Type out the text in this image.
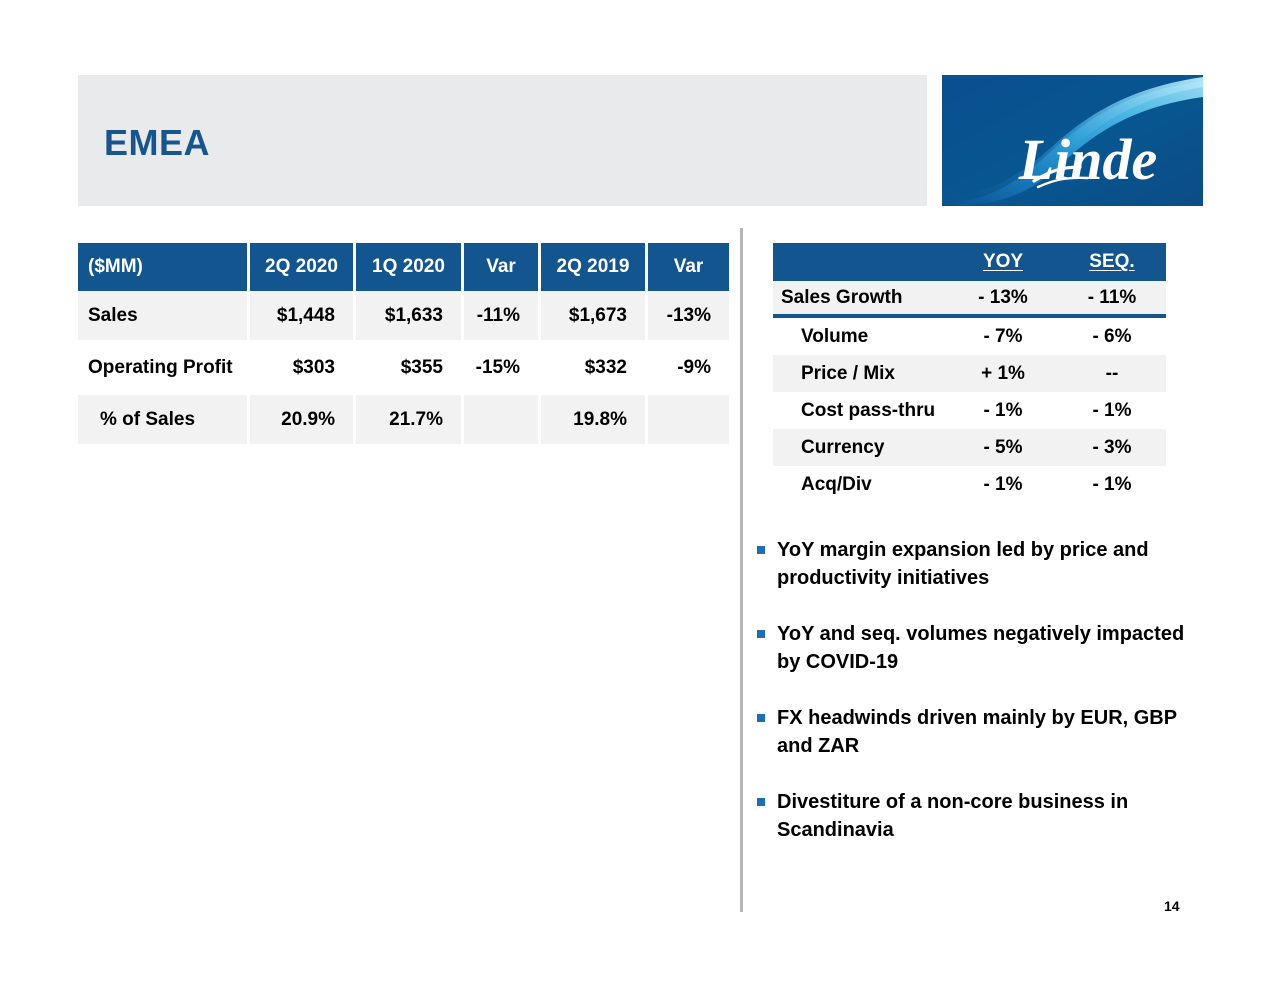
EMEA	Linde
($MM)	2Q 2020	1Q 2020	Var	2Q 2019	Var
Sales	$1,448	$1,633	-11%	$1,673	-13%
Operating Profit	$303	$355	-15%	$332	-9%
% of Sales	20.9%	21.7%		19.8%	
	YOY	SEQ.
Sales Growth	- 13%	- 11%
Volume	- 7%	- 6%
Price / Mix	+ 1%	--
Cost pass-thru	- 1%	- 1%
Currency	- 5%	- 3%
Acq/Div	- 1%	- 1%
YoY margin expansion led by price and productivity initiatives
YoY and seq. volumes negatively impacted by COVID-19
FX headwinds driven mainly by EUR, GBP and ZAR
Divestiture of a non-core business in Scandinavia
14
